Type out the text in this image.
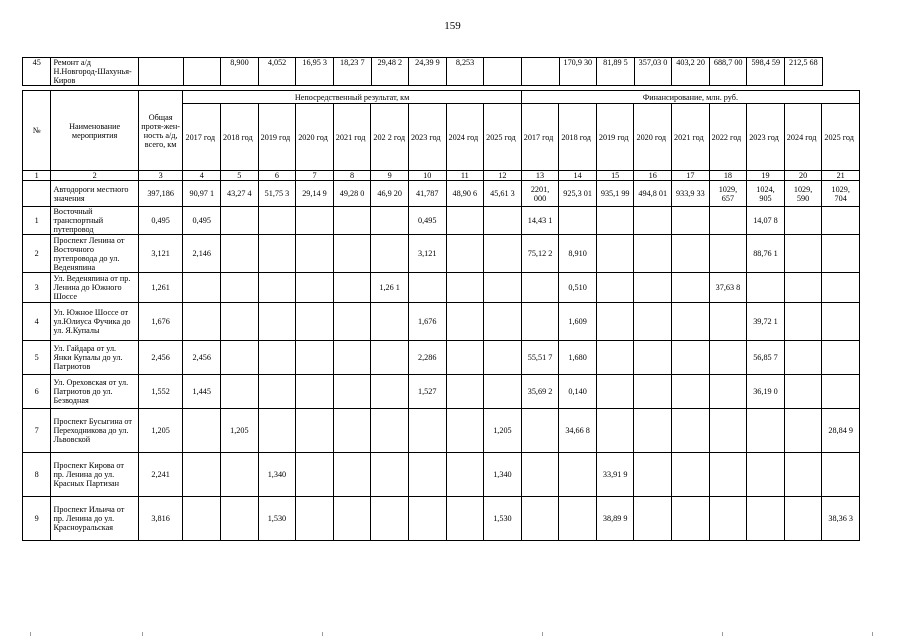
159
45	Ремонт а/д Н.Новгород-Шахунья-Киров			8,900	4,052	16,95 3	18,23 7	29,48 2	24,39 9	8,253			170,9 30	81,89 5	357,03 0	403,2 20	688,7 00	598,4 59	212,5 68
№	Наименование мероприятия	Общая протя-жен-ность а/д, всего, км	Непосредственный результат, км									Финансирование, млн. руб.								
			2017 год	2018 год	2019 год	2020 год	2021 год	202 2 год	2023 год	2024 год	2025 год	2017 год	2018 год	2019 год	2020 год	2021 год	2022 год	2023 год	2024 год	2025 год
1	2	3	4	5	6	7	8	9	10	11	12	13	14	15	16	17	18	19	20	21
	Автодороги местного значения	397,186	90,97 1	43,27 4	51,75 3	29,14 9	49,28 0	46,9 20	41,787	48,90 6	45,61 3	2201, 000	925,3 01	935,1 99	494,8 01	933,9 33	1029, 657	1024, 905	1029, 590	1029, 704
1	Восточный транспортный путепровод	0,495	0,495						0,495			14,43 1						14,07 8		
2	Проспект Ленина от Восточного путепровода до ул. Веденяпина	3,121	2,146						3,121			75,12 2	8,910					88,76 1		
3	Ул. Веденяпина от пр. Ленина до Южного Шоссе	1,261						1,26 1					0,510				37,63 8			
4	Ул. Южное Шоссе от ул.Юлиуса Фучика до ул. Я.Купалы	1,676							1,676				1,609					39,72 1		
5	Ул. Гайдара от ул. Янки Купалы до ул. Патриотов	2,456	2,456						2,286			55,51 7	1,680					56,85 7		
6	Ул. Ореховская от ул. Патриотов до ул. Безводная	1,552	1,445						1,527			35,69 2	0,140					36,19 0		
7	Проспект Бусыгина от Переходникова до ул. Львовской	1,205		1,205							1,205		34,66 8							28,84 9
8	Проспект Кирова от пр. Ленина до ул. Красных Партизан	2,241			1,340						1,340			33,91 9						
9	Проспект Ильича от пр. Ленина до ул. Красноуральская	3,816			1,530						1,530			38,89 9						38,36 3
